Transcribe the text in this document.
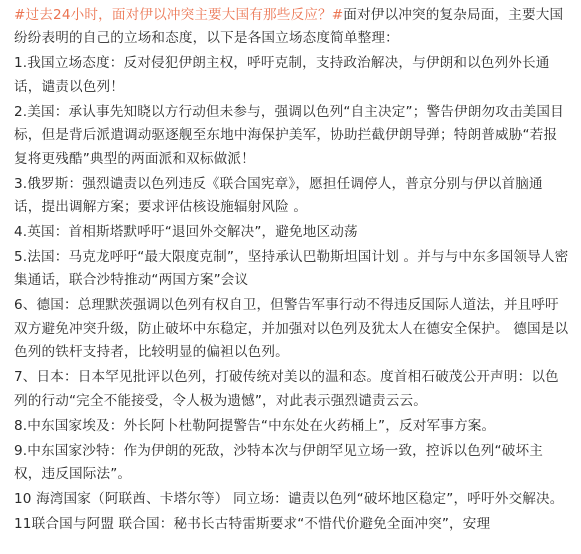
#过去24小时，面对伊以冲突主要大国有那些反应？#面对伊以冲突的复杂局面，主要大国纷纷表明的自己的立场和态度，以下是各国立场态度简单整理：

1.我国立场态度：反对侵犯伊朗主权，呼吁克制，支持政治解决，与伊朗和以色列外长通话，谴责以色列！

2.美国：承认事先知晓以方行动但未参与，强调以色列“自主决定”；警告伊朗勿攻击美国目标，但是背后派遣调动驱逐舰至东地中海保护美军，协助拦截伊朗导弹；特朗普威胁“若报复将更残酷”典型的两面派和双标做派！

3.俄罗斯：强烈谴责以色列违反《联合国宪章》，愿担任调停人，普京分别与伊以首脑通话，提出调解方案；要求评估核设施辐射风险 。

4.英国：首相斯塔默呼吁“退回外交解决”，避免地区动荡

5.法国：马克龙呼吁“最大限度克制”，坚持承认巴勒斯坦国计划 。并与与中东多国领导人密集通话，联合沙特推动“两国方案”会议

6、德国：总理默茨强调以色列有权自卫，但警告军事行动不得违反国际人道法，并且呼吁双方避免冲突升级，防止破坏中东稳定，并加强对以色列及犹太人在德安全保护。 德国是以色列的铁杆支持者，比较明显的偏袒以色列。

7、日本：日本罕见批评以色列，打破传统对美以的温和态。度首相石破茂公开声明：以色列的行动“完全不能接受，令人极为遗憾”，对此表示强烈谴责云云。

8.中东国家埃及：外长阿卜杜勒阿提警告“中东处在火药桶上”，反对军事方案。

9.中东国家沙特：作为伊朗的死敌，沙特本次与伊朗罕见立场一致，控诉以色列“破坏主权，违反国际法”。

10 海湾国家（阿联酋、卡塔尔等） 同立场：谴责以色列“破坏地区稳定”，呼吁外交解决。

11联合国与阿盟 联合国：秘书长古特雷斯要求“不惜代价避免全面冲突”，安理
